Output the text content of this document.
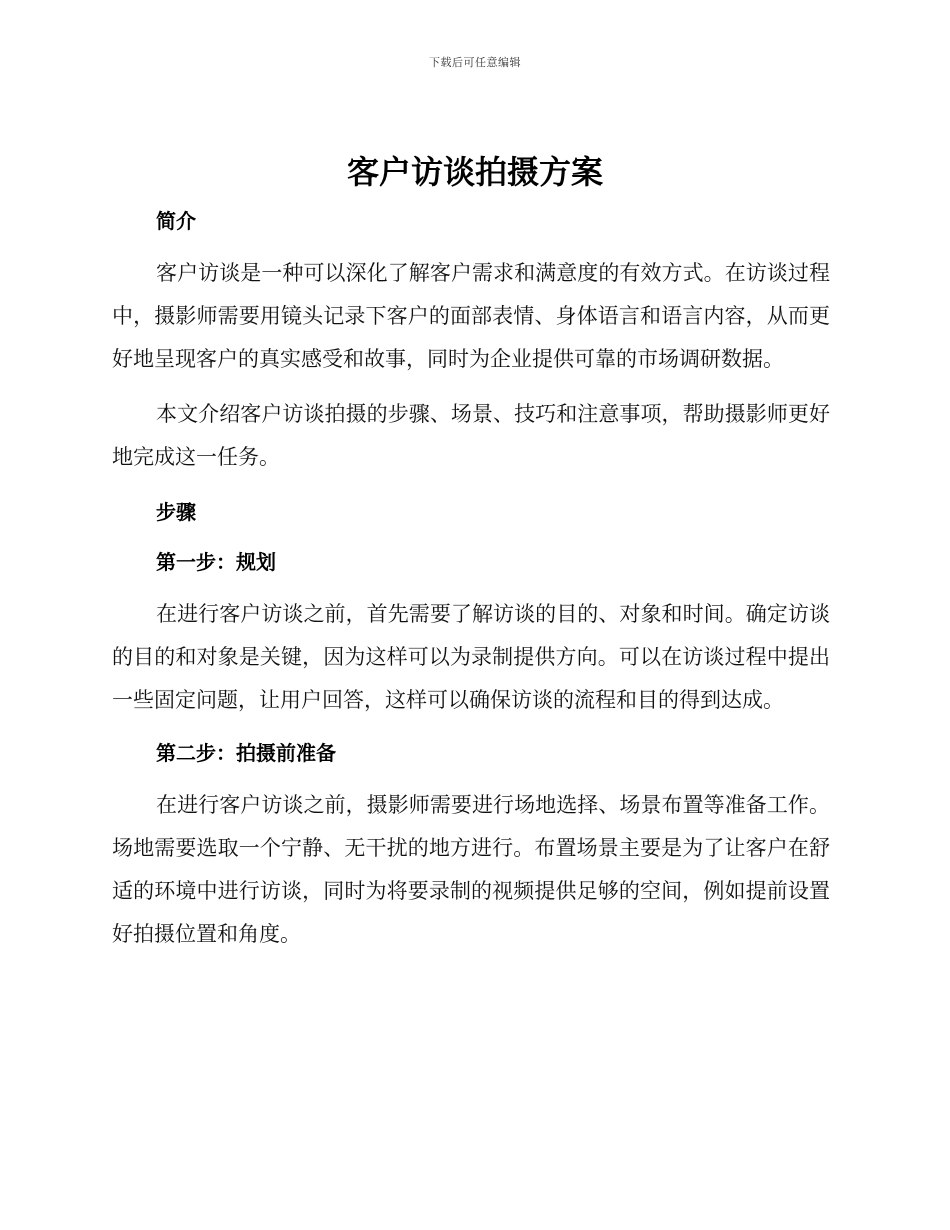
下载后可任意编辑
客户访谈拍摄方案
简介

客户访谈是一种可以深化了解客户需求和满意度的有效方式。在访谈过程中，摄影师需要用镜头记录下客户的面部表情、身体语言和语言内容，从而更好地呈现客户的真实感受和故事，同时为企业提供可靠的市场调研数据。

本文介绍客户访谈拍摄的步骤、场景、技巧和注意事项，帮助摄影师更好地完成这一任务。

步骤
第一步：规划

在进行客户访谈之前，首先需要了解访谈的目的、对象和时间。确定访谈的目的和对象是关键，因为这样可以为录制提供方向。可以在访谈过程中提出一些固定问题，让用户回答，这样可以确保访谈的流程和目的得到达成。

第二步：拍摄前准备

在进行客户访谈之前，摄影师需要进行场地选择、场景布置等准备工作。场地需要选取一个宁静、无干扰的地方进行。布置场景主要是为了让客户在舒适的环境中进行访谈，同时为将要录制的视频提供足够的空间，例如提前设置好拍摄位置和角度。
